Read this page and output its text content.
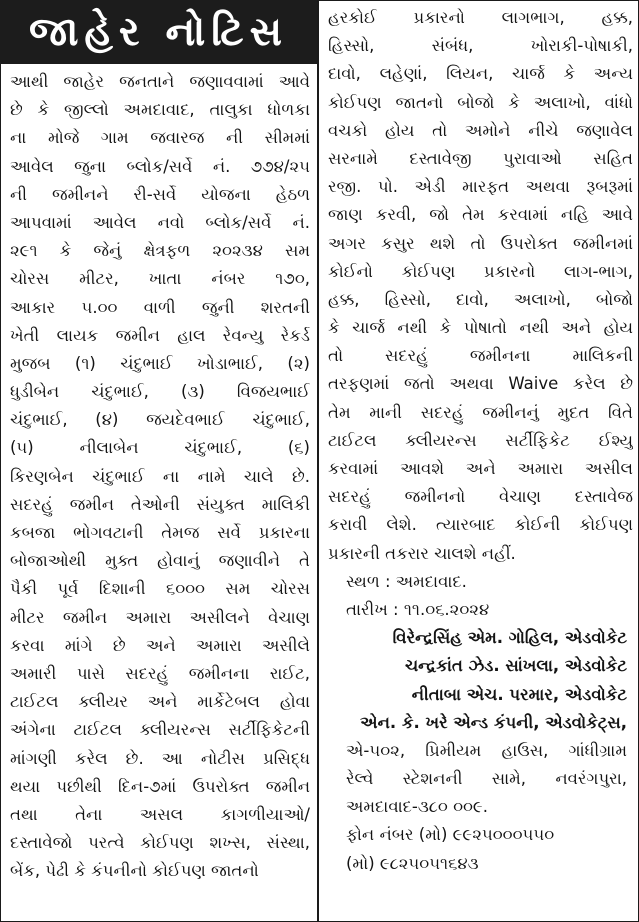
જાહેર નોટિસ
આથી જાહેર જનતાને જણાવવામાં આવે
છે કે જીલ્લો અમદાવાદ, તાલુકા ધોળકા
ના મોજે ગામ જવારજ ની સીમમાં
આવેલ જુના બ્લોક/સર્વે નં. ૭૭૪/૨૫
ની જમીનને રી-સર્વે યોજના હેઠળ
આપવામાં આવેલ નવો બ્લોક/સર્વે નં.
૨૯૧ કે જેનું ક્ષેત્રફળ ૨૦૨૩૪ સમ
ચોરસ મીટર, ખાતા નંબર ૧૭૦,
આકાર ૫.૦૦ વાળી જુની શરતની
ખેતી લાયક જમીન હાલ રેવન્યુ રેકર્ડ
મુજબ (૧) ચંદુભાઈ ખોડાભાઈ, (૨)
ધુડીબેન ચંદુભાઈ, (૩) વિજયભાઈ
ચંદુભાઈ, (૪) જયદેવભાઈ ચંદુભાઈ,
(૫) નીલાબેન ચંદુભાઈ, (૬)
કિરણબેન ચંદુભાઈ ના નામે ચાલે છે.
સદરહું જમીન તેઓની સંયુક્ત માલિકી
કબજા ભોગવટાની તેમજ સર્વે પ્રકારના
બોજાઓથી મુક્ત હોવાનું જણાવીને તે
પૈકી પૂર્વ દિશાની ૬૦૦૦ સમ ચોરસ
મીટર જમીન અમારા અસીલને વેચાણ
કરવા માંગે છે અને અમારા અસીલે
અમારી પાસે સદરહું જમીનના રાઈટ,
ટાઈટલ ક્લીયર અને માર્કેટેબલ હોવા
અંગેના ટાઈટલ ક્લીયરન્સ સર્ટીફિકેટની
માંગણી કરેલ છે. આ નોટીસ પ્રસિદ્ધ
થયા પછીથી દિન-૭માં ઉપરોક્ત જમીન
તથા તેના અસલ કાગળીયાઓ/
દસ્તાવેજો પરત્વે કોઈપણ શખ્સ, સંસ્થા,
બેંક, પેઢી કે કંપનીનો કોઈપણ જાતનો
હરકોઈ પ્રકારનો લાગભાગ, હક્ક,
હિસ્સો, સંબંધ, ખોરાકી-પોષાકી,
દાવો, લહેણાં, લિયન, ચાર્જ કે અન્ય
કોઈપણ જાતનો બોજો કે અલાખો, વાંધો
વચકો હોય તો અમોને નીચે જણાવેલ
સરનામે દસ્તાવેજી પુરાવાઓ સહિત
રજી. પો. એડી મારફત અથવા રૂબરૂમાં
જાણ કરવી, જો તેમ કરવામાં નહિ આવે
અગર કસુર થશે તો ઉપરોક્ત જમીનમાં
કોઈનો કોઈપણ પ્રકારનો લાગ-ભાગ,
હક્ક, હિસ્સો, દાવો, અલાખો, બોજો
કે ચાર્જ નથી કે પોષાતો નથી અને હોય
તો સદરહું જમીનના માલિકની
તરફણમાં જતો અથવા Waive કરેલ છે
તેમ માની સદરહું જમીનનું મુદત વિતે
ટાઈટલ ક્લીયરન્સ સર્ટીફિકેટ ઈશ્યુ
કરવામાં આવશે અને અમારા અસીલ
સદરહું જમીનનો વેચાણ દસ્તાવેજ
કરાવી લેશે. ત્યારબાદ કોઈની કોઈપણ
પ્રકારની તકરાર ચાલશે નહીં.
સ્થળ : અમદાવાદ.
તારીખ : ૧૧.૦૬.૨૦૨૪
વિરેન્દ્રસિંહ એમ. ગોહિલ, એડવોકેટ
ચન્દ્રકાંત ઝેડ. સાંખલા, એડવોકેટ
નીતાબા એચ. પરમાર, એડવોકેટ
એન. કે. ખરે એન્ડ કંપની, એડવોકેટ્સ,
એ-૫૦૨, પ્રિમીયમ હાઉસ, ગાંધીગ્રામ
રેલ્વે સ્ટેશનની સામે, નવરંગપુરા,
અમદાવાદ-૩૮૦ ૦૦૯.
ફોન નંબર (મો) ૯૯૨૫૦૦૦૫૫૦
(મો) ૯૮૨૫૦૫૧૬૪૩
